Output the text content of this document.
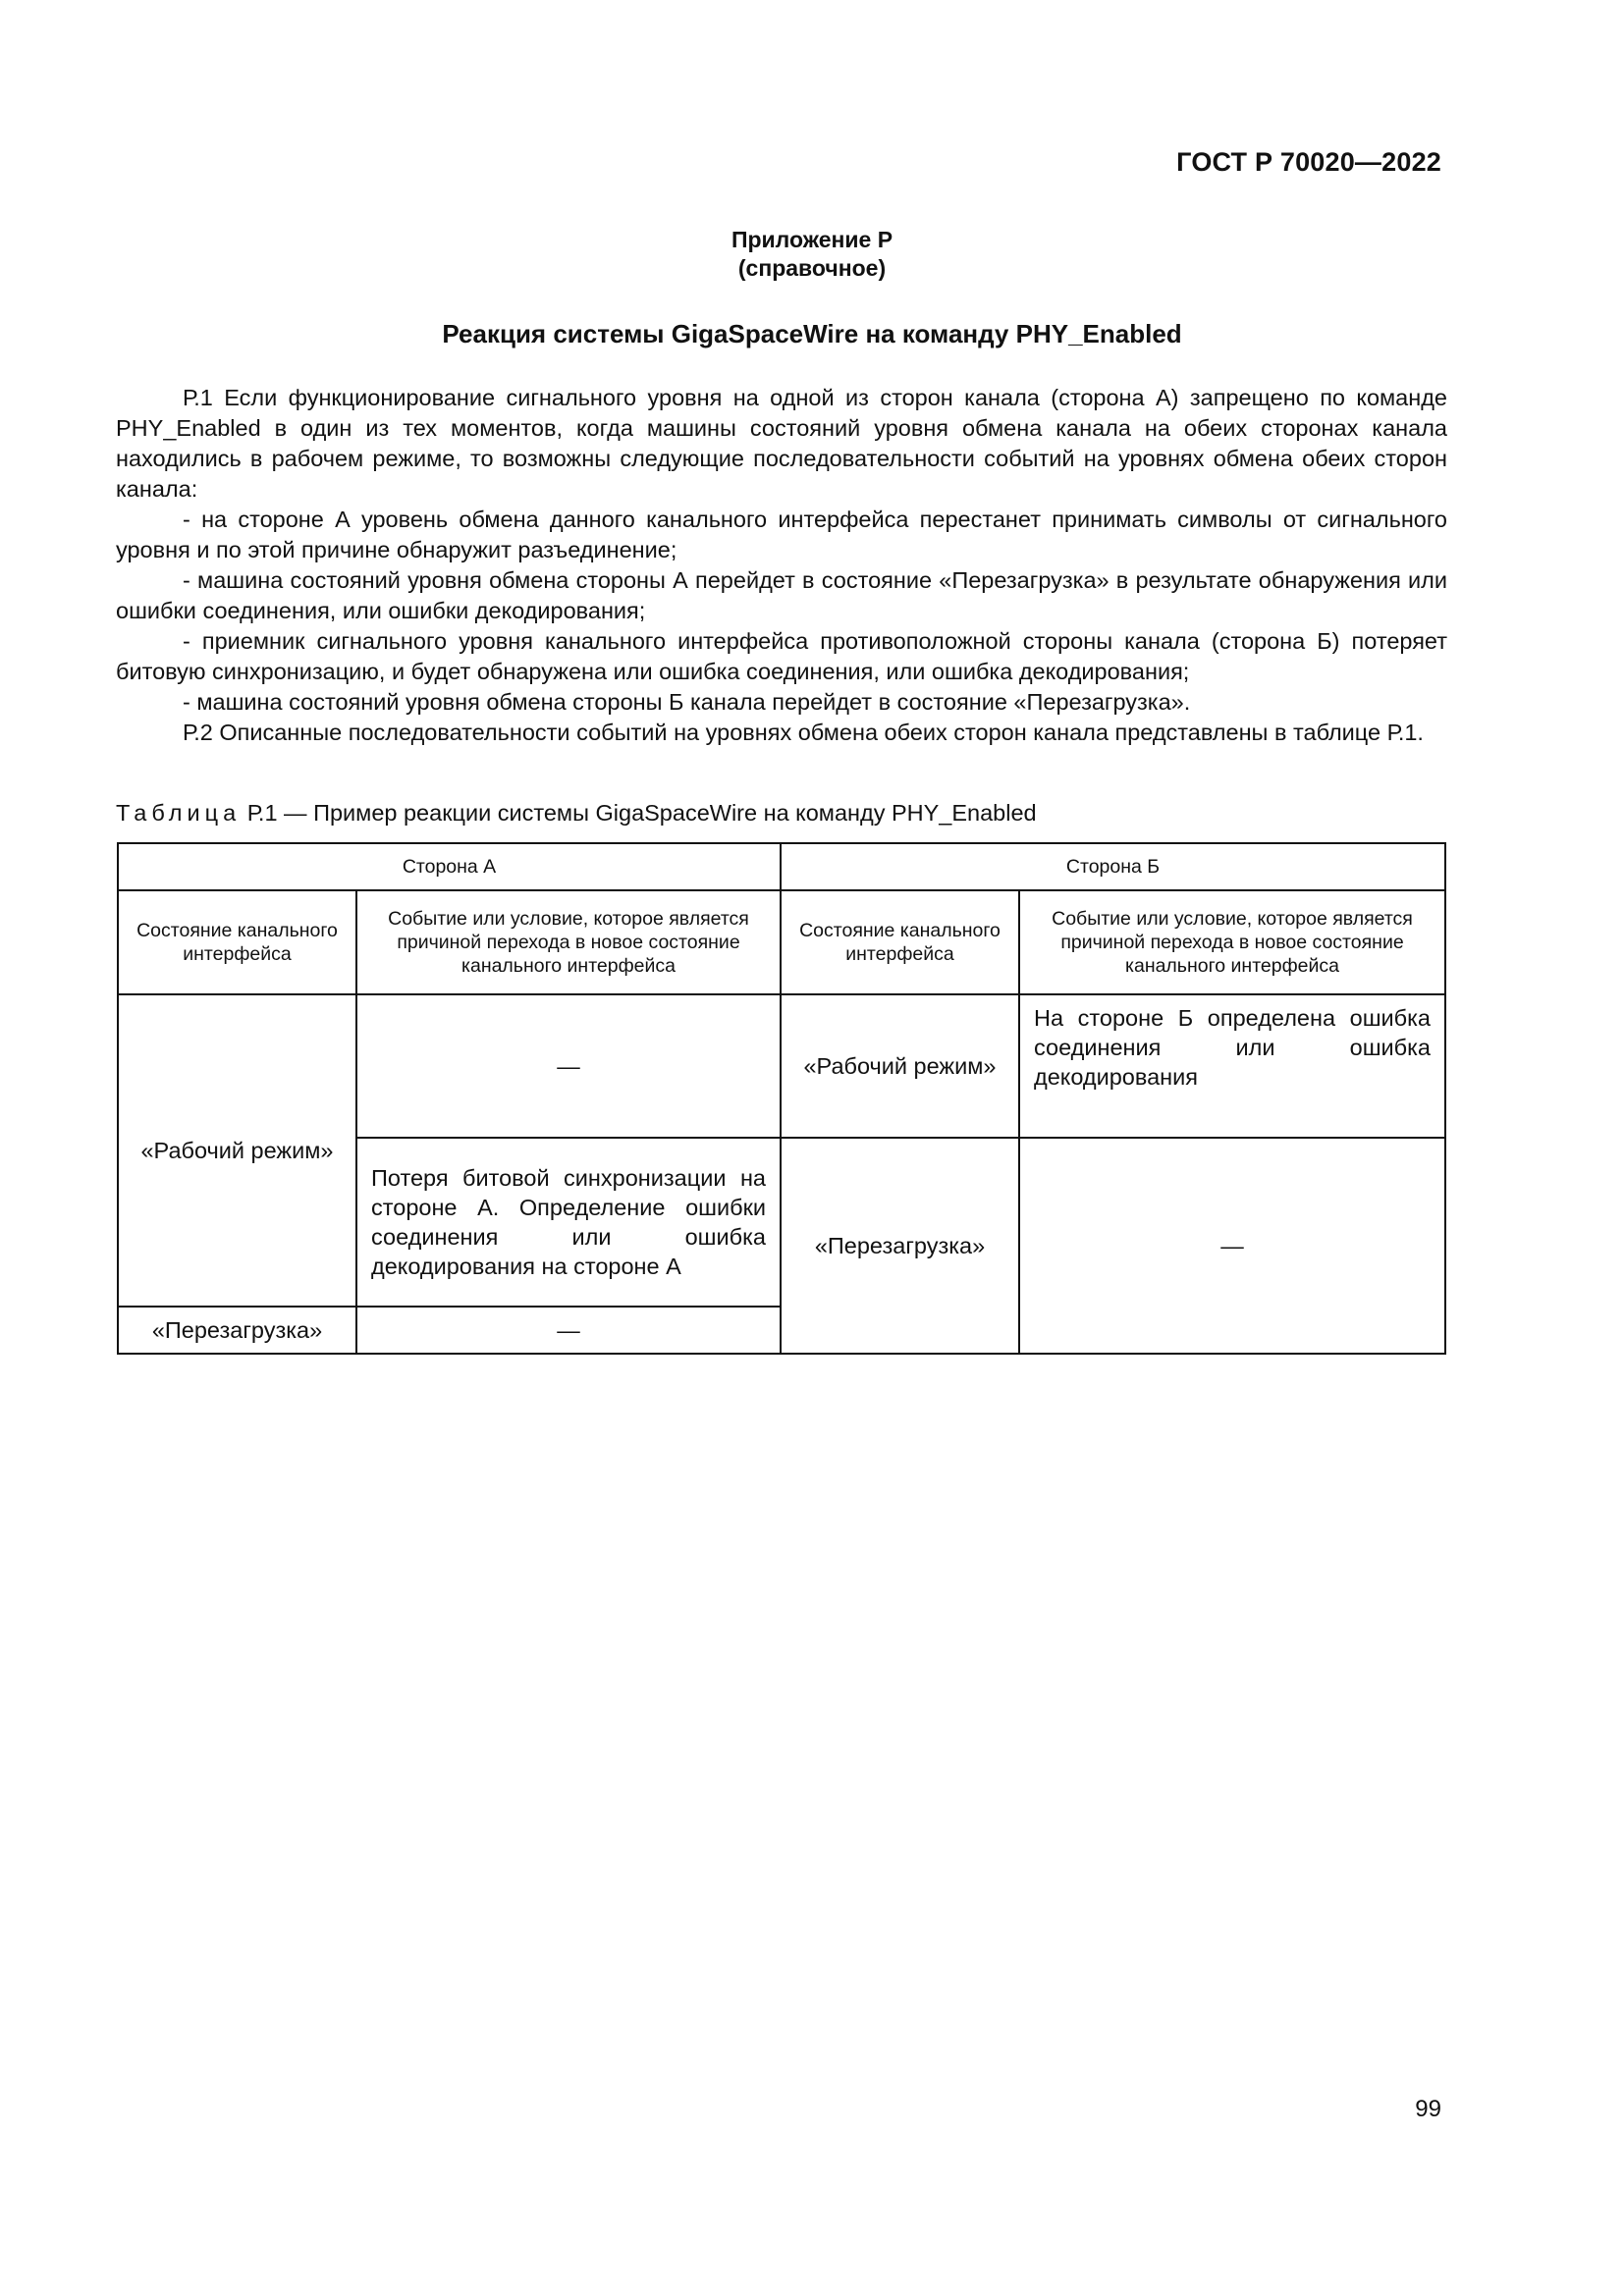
ГОСТ Р 70020—2022
Приложение Р
(справочное)
Реакция системы GigaSpaceWire на команду PHY_Enabled

Р.1 Если функционирование сигнального уровня на одной из сторон канала (сторона А) запрещено по команде PHY_Enabled в один из тех моментов, когда машины состояний уровня обмена канала на обеих сторонах канала находились в рабочем режиме, то возможны следующие последовательности событий на уровнях обмена обеих сторон канала:

- на стороне А уровень обмена данного канального интерфейса перестанет принимать символы от сигнального уровня и по этой причине обнаружит разъединение;

- машина состояний уровня обмена стороны А перейдет в состояние «Перезагрузка» в результате обнаружения или ошибки соединения, или ошибки декодирования;

- приемник сигнального уровня канального интерфейса противоположной стороны канала (сторона Б) потеряет битовую синхронизацию, и будет обнаружена или ошибка соединения, или ошибка декодирования;

- машина состояний уровня обмена стороны Б канала перейдет в состояние «Перезагрузка».

Р.2 Описанные последовательности событий на уровнях обмена обеих сторон канала представлены в таблице Р.1.

Таблица Р.1 — Пример реакции системы GigaSpaceWire на команду PHY_Enabled
Сторона А		Сторона Б	
Состояние канального интерфейса	Событие или условие, которое является причиной перехода в новое состояние канального интерфейса	Состояние канального интерфейса	Событие или условие, которое является причиной перехода в новое состояние канального интерфейса
«Рабочий режим»	—	«Рабочий режим»	На стороне Б определена ошибка соединения или ошибка декодирования
	Потеря битовой синхронизации на стороне А. Определение ошибки соединения или ошибка декодирования на стороне А	«Перезагрузка»	—
«Перезагрузка»	—		
99
